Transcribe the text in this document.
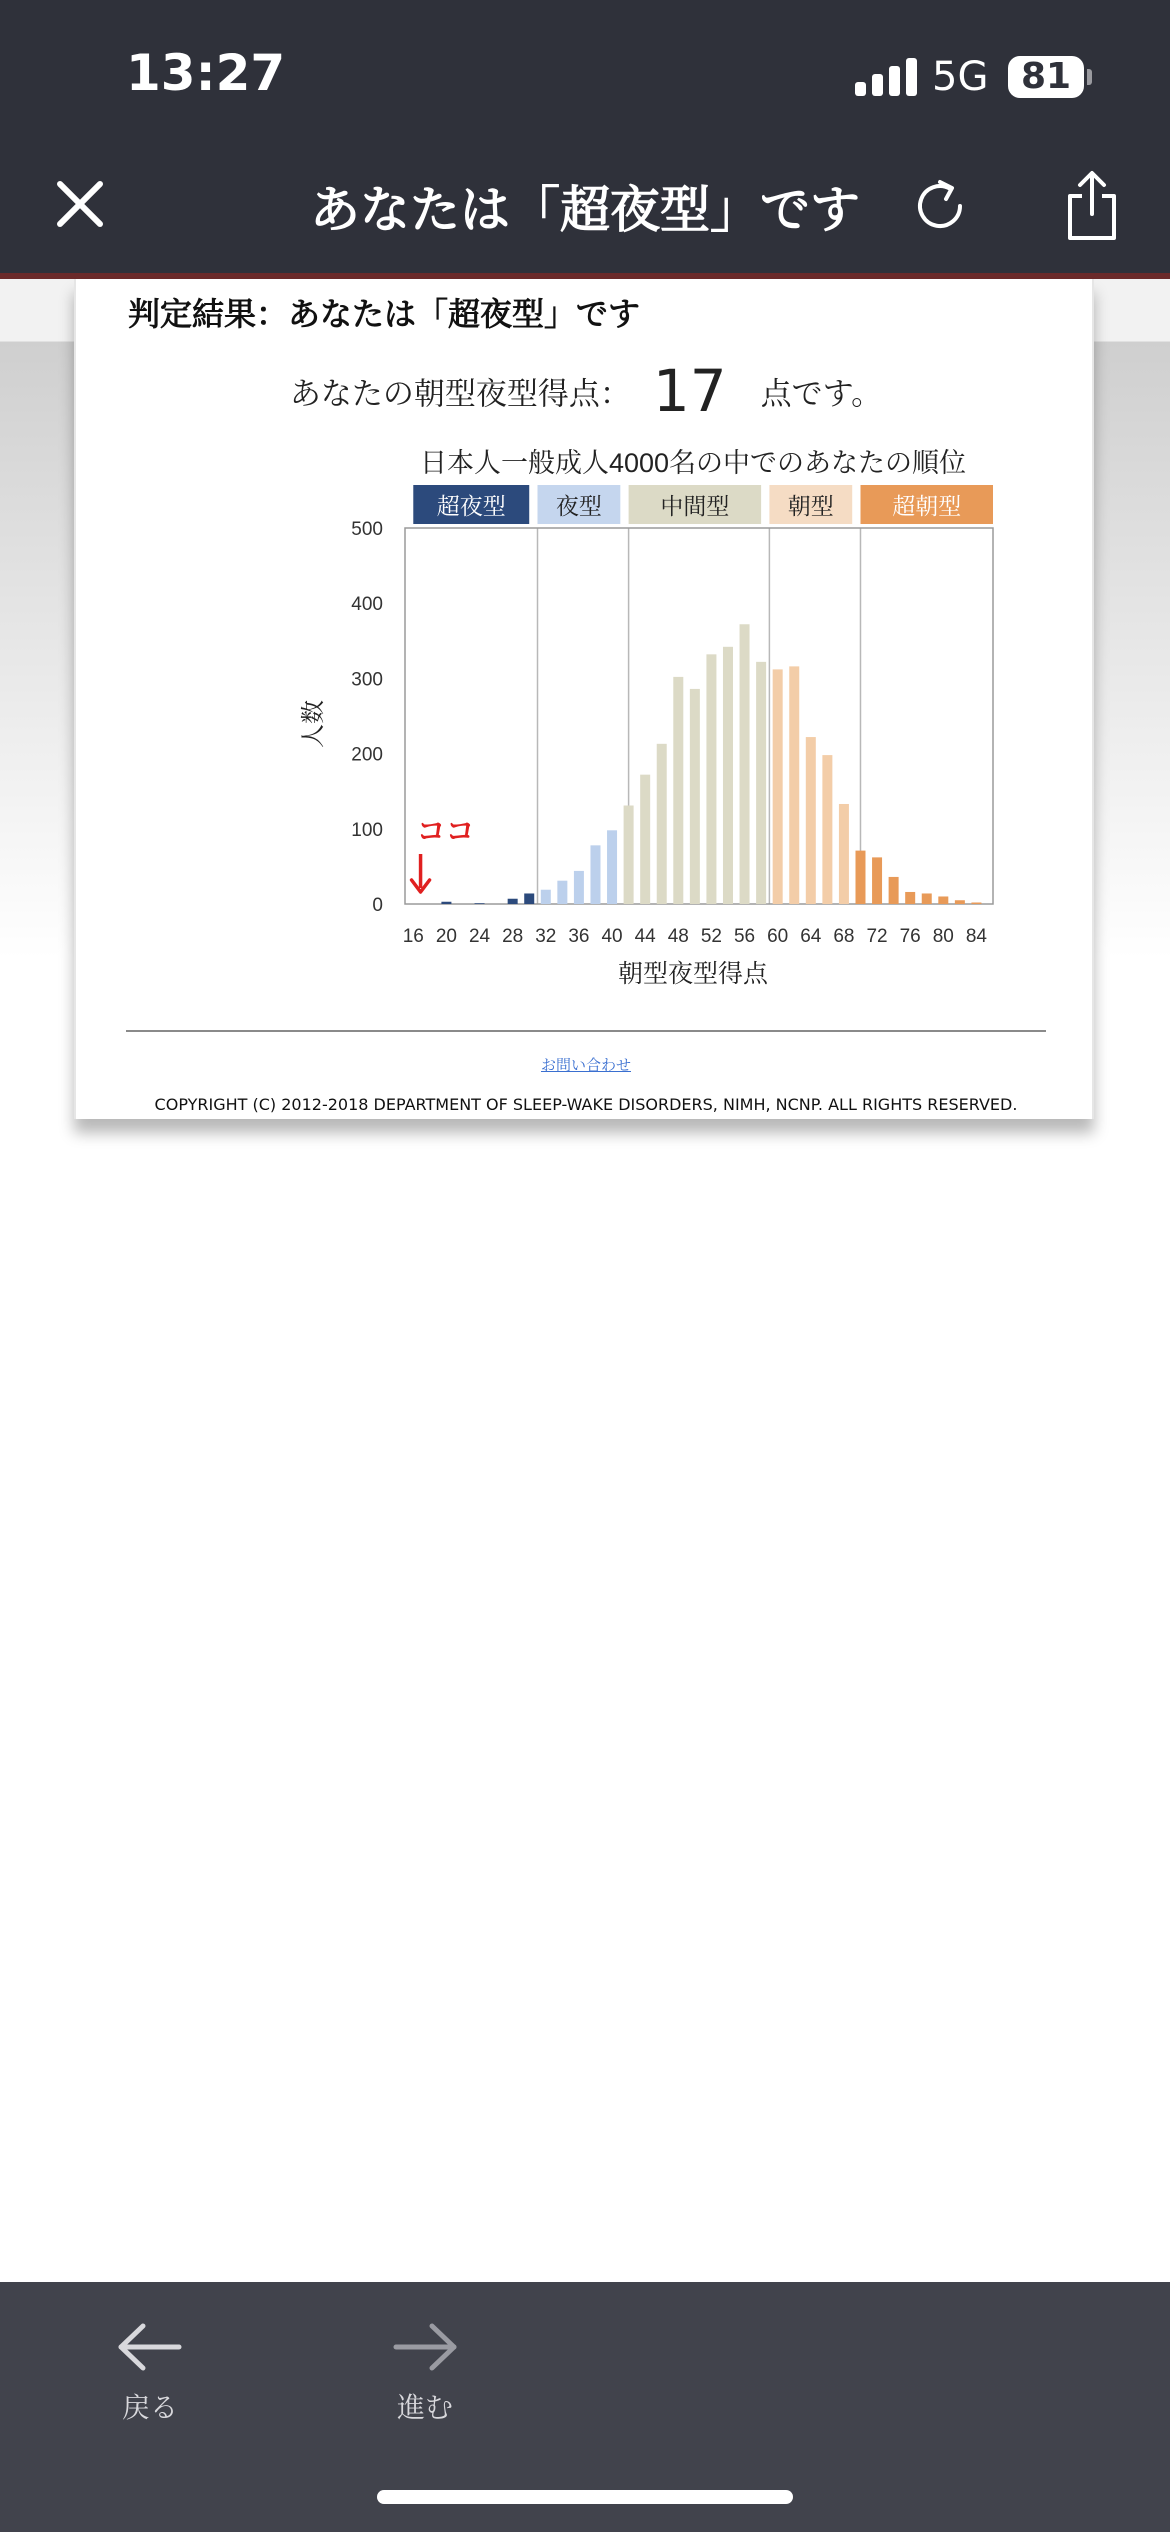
13:27	5G 81
あなたは「超夜型」です
判定結果：あなたは「超夜型」です
あなたの朝型夜型得点： 17 点です。
日本人一般成人4000名の中でのあなたの順位
超夜型 夜型	中間型	朝型	超朝型
0
100
200
300
400
500
16 20 24 28 32 36 40 44 48 52 56 60 64 68 72 76 80 84
人数
朝型夜型得点
ココ
お問い合わせ
COPYRIGHT (C) 2012-2018 DEPARTMENT OF SLEEP-WAKE DISORDERS, NIMH, NCNP. ALL RIGHTS RESERVED.
戻る	進む
